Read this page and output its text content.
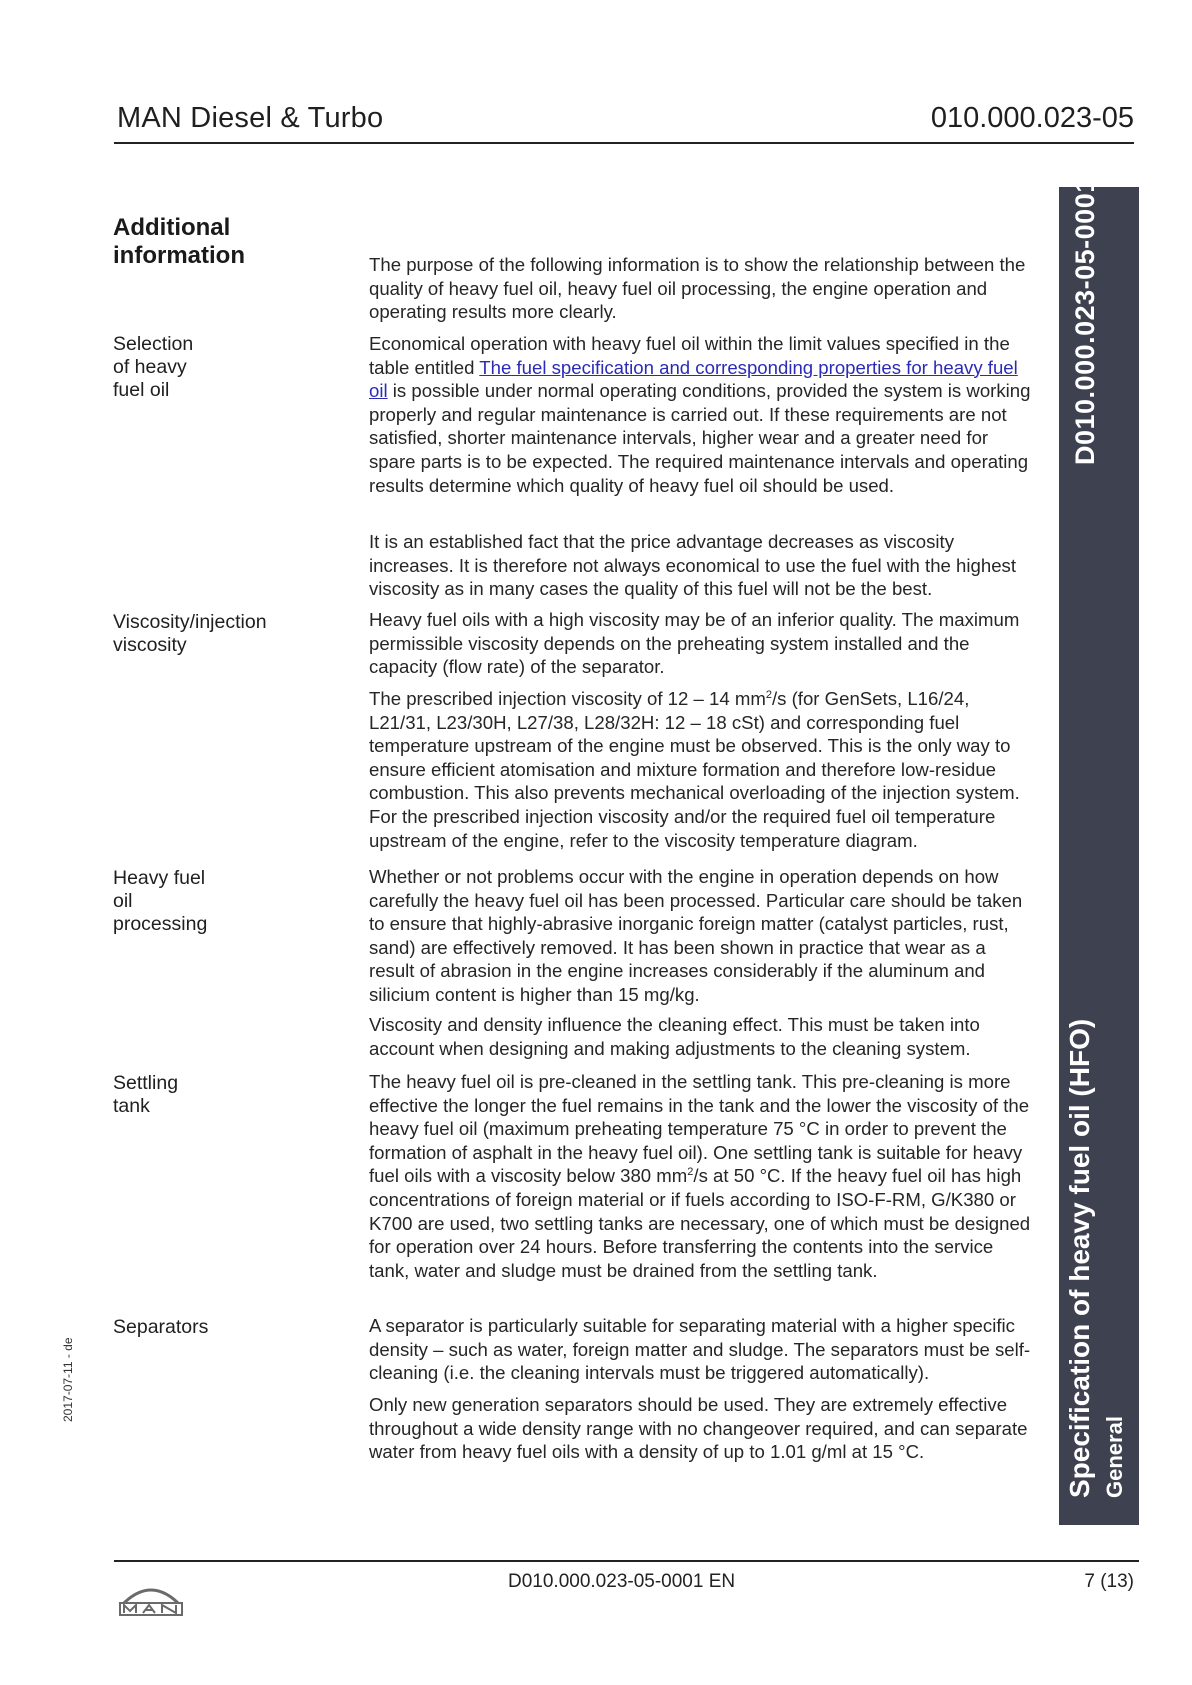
MAN Diesel & Turbo	010.000.023-05
D010.000.023-05-0001
Specification of heavy fuel oil (HFO) General
Additional information	The purpose of the following information is to show the relationship between the quality of heavy fuel oil, heavy fuel oil processing, the engine operation and operating results more clearly.
Selection of heavy fuel oil
Economical operation with heavy fuel oil within the limit values specified in the table entitled The fuel specification and corresponding properties for heavy fuel oil is possible under normal operating conditions, provided the system is working properly and regular maintenance is carried out. If these requirements are not satisfied, shorter maintenance intervals, higher wear and a greater need for spare parts is to be expected. The required maintenance intervals and operating results determine which quality of heavy fuel oil should be used.
It is an established fact that the price advantage decreases as viscosity increases. It is therefore not always economical to use the fuel with the highest viscosity as in many cases the quality of this fuel will not be the best.
Viscosity/injection viscosity
Heavy fuel oils with a high viscosity may be of an inferior quality. The maximum permissible viscosity depends on the preheating system installed and the capacity (flow rate) of the separator.
The prescribed injection viscosity of 12 – 14 $mm^2/s$ (for GenSets, L16/24, L21/31, L23/30H, L27/38, L28/32H: 12 – 18 cSt) and corresponding fuel temperature upstream of the engine must be observed. This is the only way to ensure efficient atomisation and mixture formation and therefore low-residue combustion. This also prevents mechanical overloading of the injection system. For the prescribed injection viscosity and/or the required fuel oil temperature upstream of the engine, refer to the viscosity temperature diagram.
Heavy fuel oil processing
Whether or not problems occur with the engine in operation depends on how carefully the heavy fuel oil has been processed. Particular care should be taken to ensure that highly-abrasive inorganic foreign matter (catalyst particles, rust, sand) are effectively removed. It has been shown in practice that wear as a result of abrasion in the engine increases considerably if the aluminum and silicium content is higher than 15 mg/kg.
Viscosity and density influence the cleaning effect. This must be taken into account when designing and making adjustments to the cleaning system.
Settling tank
The heavy fuel oil is pre-cleaned in the settling tank. This pre-cleaning is more effective the longer the fuel remains in the tank and the lower the viscosity of the heavy fuel oil (maximum preheating temperature 75 °C in order to prevent the formation of asphalt in the heavy fuel oil). One settling tank is suitable for heavy fuel oils with a viscosity below 380 $mm^2/s$ at 50 °C. If the heavy fuel oil has high concentrations of foreign material or if fuels according to ISO-F-RM, G/K380 or K700 are used, two settling tanks are necessary, one of which must be designed for operation over 24 hours. Before transferring the contents into the service tank, water and sludge must be drained from the settling tank.
Separators	A separator is particularly suitable for separating material with a higher specific density – such as water, foreign matter and sludge. The separators must be self-cleaning (i.e. the cleaning intervals must be triggered automatically).
Only new generation separators should be used. They are extremely effective throughout a wide density range with no changeover required, and can separate water from heavy fuel oils with a density of up to 1.01 g/ml at 15 °C.
2017-07-11 - de
D010.000.023-05-0001 EN	7 (13)
